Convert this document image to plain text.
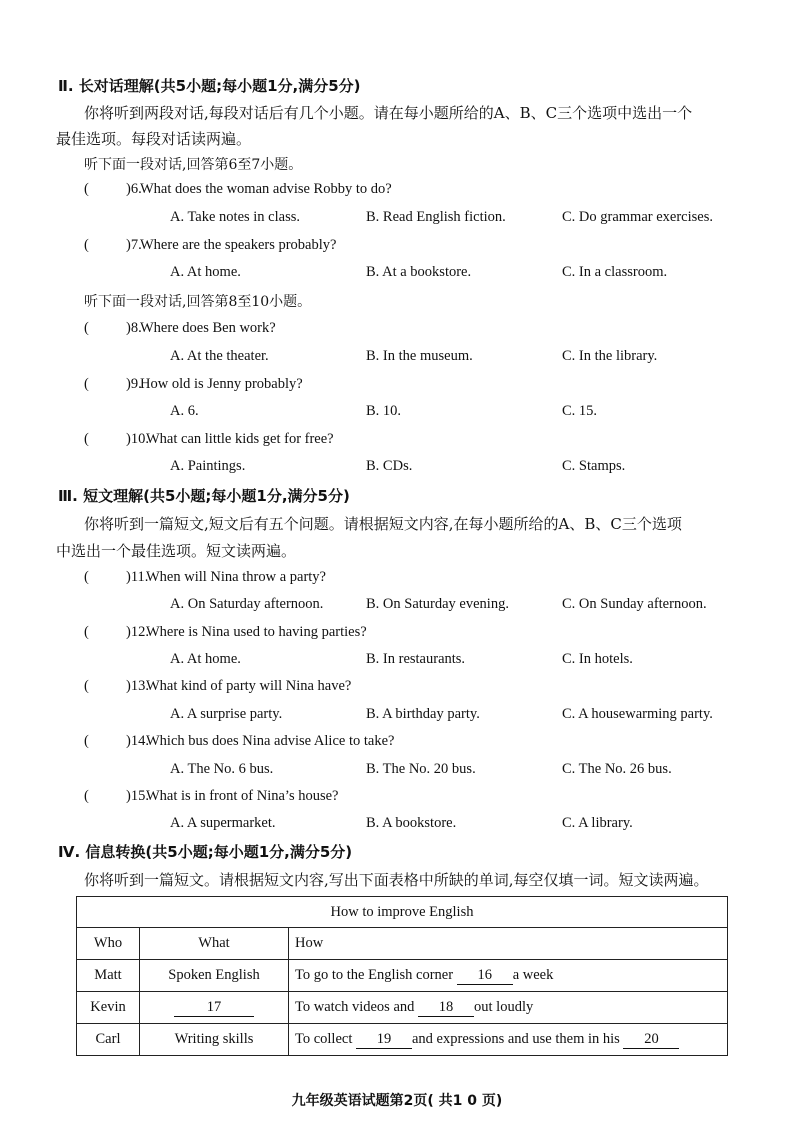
Ⅱ. 长对话理解(共5小题;每小题1分,满分5分)
你将听到两段对话,每段对话后有几个小题。请在每小题所给的A、B、C三个选项中选出一个
最佳选项。每段对话读两遍。
听下面一段对话,回答第6至7小题。
(	)6.
What does the woman advise Robby to do?
A. Take notes in class.	B. Read English fiction.	C. Do grammar exercises.
(	)7.
Where are the speakers probably?
A. At home.	B. At a bookstore.	C. In a classroom.
听下面一段对话,回答第8至10小题。
(	)8.
Where does Ben work?
A. At the theater.	B. In the museum.	C. In the library.
(	)9.
How old is Jenny probably?
A. 6.	B. 10.	C. 15.
(	)10.
What can little kids get for free?
A. Paintings.	B. CDs.	C. Stamps.
Ⅲ. 短文理解(共5小题;每小题1分,满分5分)
你将听到一篇短文,短文后有五个问题。请根据短文内容,在每小题所给的A、B、C三个选项
中选出一个最佳选项。短文读两遍。
(	)11.
When will Nina throw a party?
A. On Saturday afternoon.	B. On Saturday evening.	C. On Sunday afternoon.
(	)12.
Where is Nina used to having parties?
A. At home.	B. In restaurants.	C. In hotels.
(	)13.
What kind of party will Nina have?
A. A surprise party.	B. A birthday party.	C. A housewarming party.
(	)14.
Which bus does Nina advise Alice to take?
A. The No. 6 bus.	B. The No. 20 bus.	C. The No. 26 bus.
(	)15.
What is in front of Nina’s house?
A. A supermarket.	B. A bookstore.	C. A library.
Ⅳ. 信息转换(共5小题;每小题1分,满分5分)
你将听到一篇短文。请根据短文内容,写出下面表格中所缺的单词,每空仅填一词。短文读两遍。
How to improve English		
Who	What	How
Matt	Spoken English	To go to the English corner 16 a week
Kevin	17	To watch videos and 18 out loudly
Carl	Writing skills	To collect 19 and expressions and use them in his 20
九年级英语试题第2页( 共1 0 页)
